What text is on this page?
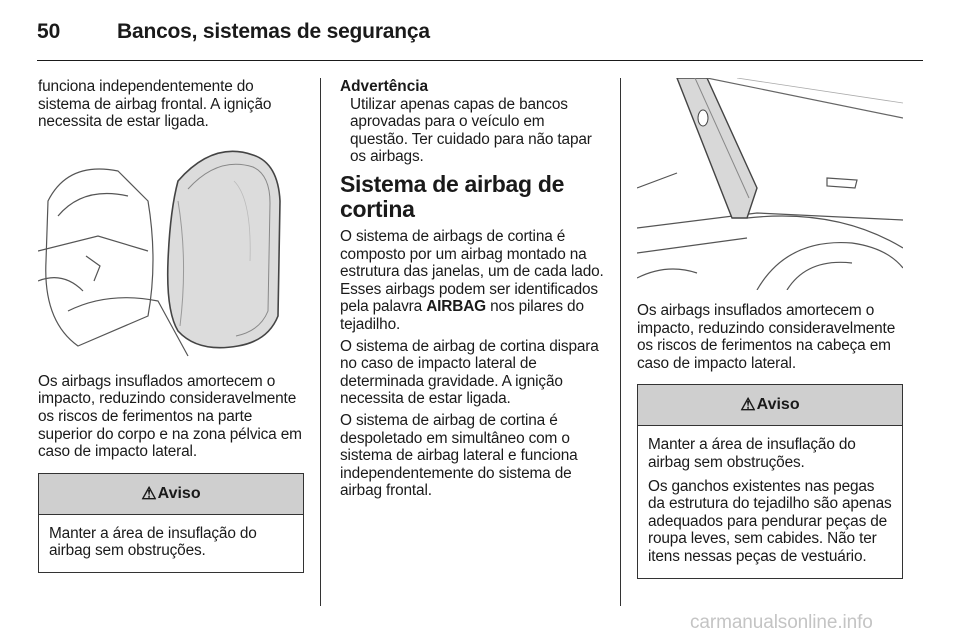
50	Bancos, sistemas de segurança

funciona independentemente do sistema de airbag frontal. A ignição necessita de estar ligada.

Os airbags insuflados amortecem o impacto, reduzindo consideravelmente os riscos de ferimentos na parte superior do corpo e na zona pélvica em caso de impacto lateral.

⚠ Aviso

Manter a área de insuflação do airbag sem obstruções.

Advertência

Utilizar apenas capas de bancos aprovadas para o veículo em questão. Ter cuidado para não tapar os airbags.

Sistema de airbag de cortina

O sistema de airbags de cortina é composto por um airbag montado na estrutura das janelas, um de cada lado. Esses airbags podem ser identificados pela palavra AIRBAG nos pilares do tejadilho.

O sistema de airbag de cortina dispara no caso de impacto lateral de determinada gravidade. A ignição necessita de estar ligada.

O sistema de airbag de cortina é despoletado em simultâneo com o sistema de airbag lateral e funciona independentemente do sistema de airbag frontal.

Os airbags insuflados amortecem o impacto, reduzindo consideravelmente os riscos de ferimentos na cabeça em caso de impacto lateral.

⚠ Aviso

Manter a área de insuflação do airbag sem obstruções.

Os ganchos existentes nas pegas da estrutura do tejadilho são apenas adequados para pendurar peças de roupa leves, sem cabides. Não ter itens nessas peças de vestuário.

carmanualsonline.info
